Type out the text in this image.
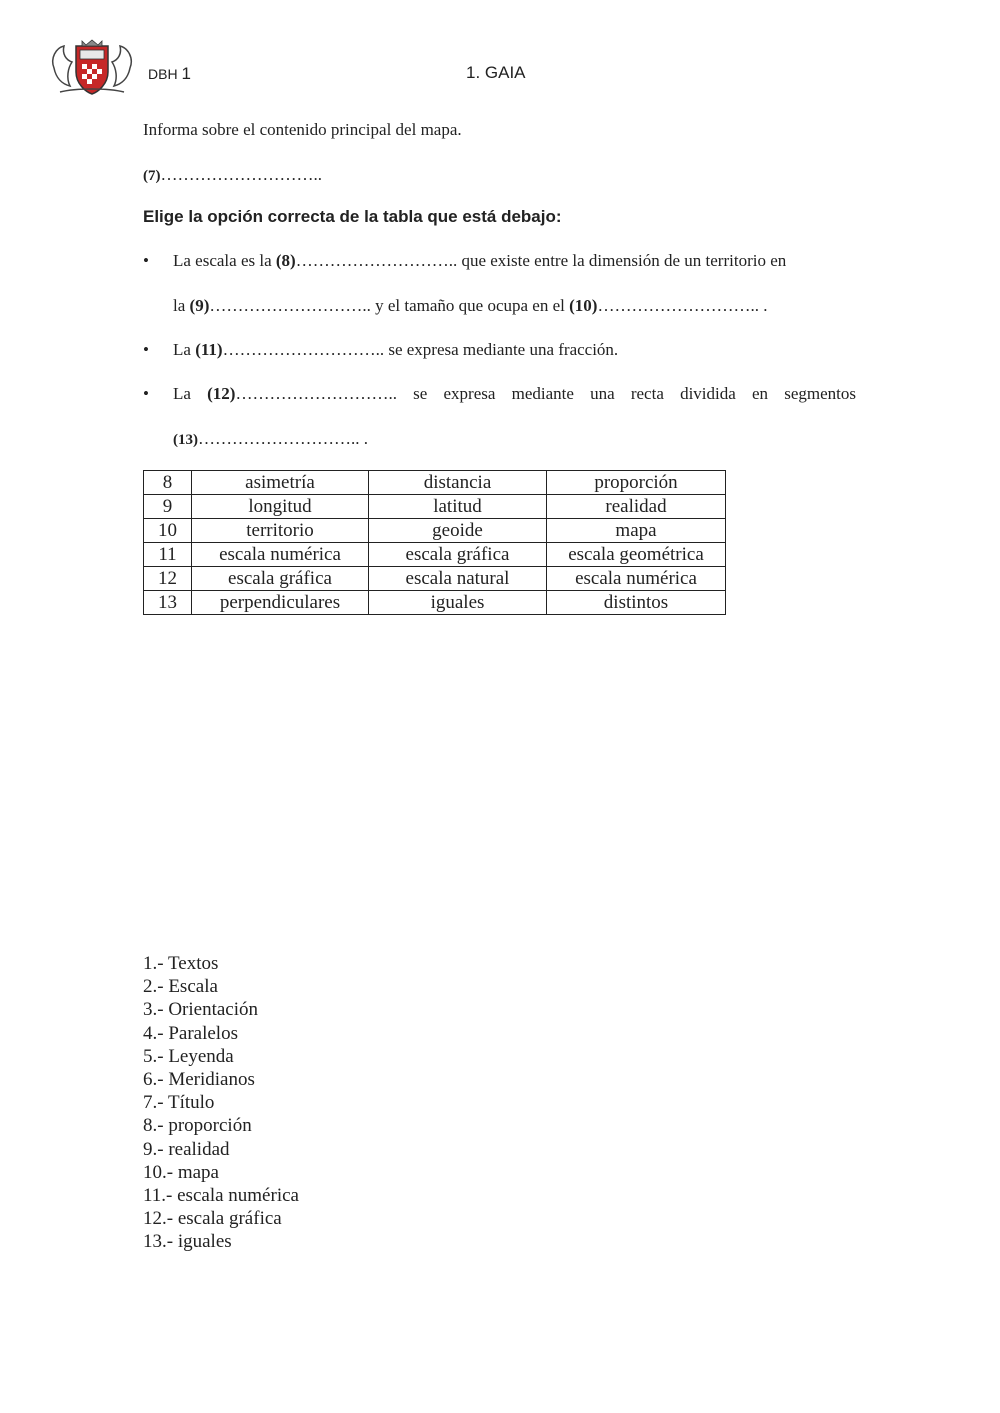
DBH 1	1. GAIA
Informa sobre el contenido principal del mapa.
(7)………………………..
Elige la opción correcta de la tabla que está debajo:
• La escala es la (8)……………………….. que existe entre la dimensión de un territorio en
la (9)……………………….. y el tamaño que ocupa en el (10)……………………….. .
• La (11)……………………….. se expresa mediante una fracción.
• La (12)……………………….. se expresa mediante una recta dividida en segmentos
(13)……………………….. .
8	asimetría	distancia	proporción
9	longitud	latitud	realidad
10	territorio	geoide	mapa
11	escala numérica	escala gráfica	escala geométrica
12	escala gráfica	escala natural	escala numérica
13	perpendiculares	iguales	distintos
1.- Textos
2.- Escala
3.- Orientación
4.- Paralelos
5.- Leyenda
6.- Meridianos
7.- Título
8.- proporción
9.- realidad
10.- mapa
11.- escala numérica
12.- escala gráfica
13.- iguales
